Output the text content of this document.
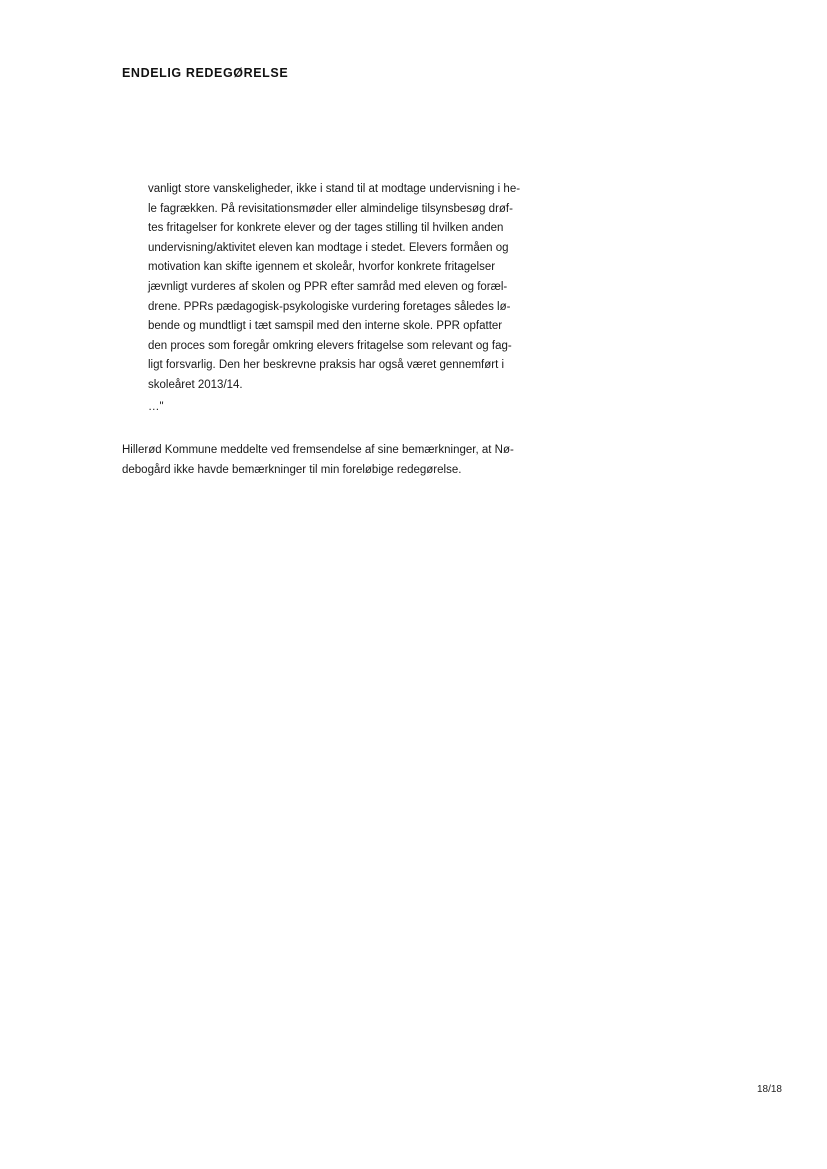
ENDELIG REDEGØRELSE
vanligt store vanskeligheder, ikke i stand til at modtage undervisning i he-
le fagrækken. På revisitationsmøder eller almindelige tilsynsbesøg drøf-
tes fritagelser for konkrete elever og der tages stilling til hvilken anden
undervisning/aktivitet eleven kan modtage i stedet. Elevers formåen og
motivation kan skifte igennem et skoleår, hvorfor konkrete fritagelser
jævnligt vurderes af skolen og PPR efter samråd med eleven og foræl-
drene. PPRs pædagogisk-psykologiske vurdering foretages således lø-
bende og mundtligt i tæt samspil med den interne skole. PPR opfatter
den proces som foregår omkring elevers fritagelse som relevant og fag-
ligt forsvarlig. Den her beskrevne praksis har også været gennemført i
skoleåret 2013/14.
…"
Hillerød Kommune meddelte ved fremsendelse af sine bemærkninger, at Nø-
debogård ikke havde bemærkninger til min foreløbige redegørelse.
18/18
